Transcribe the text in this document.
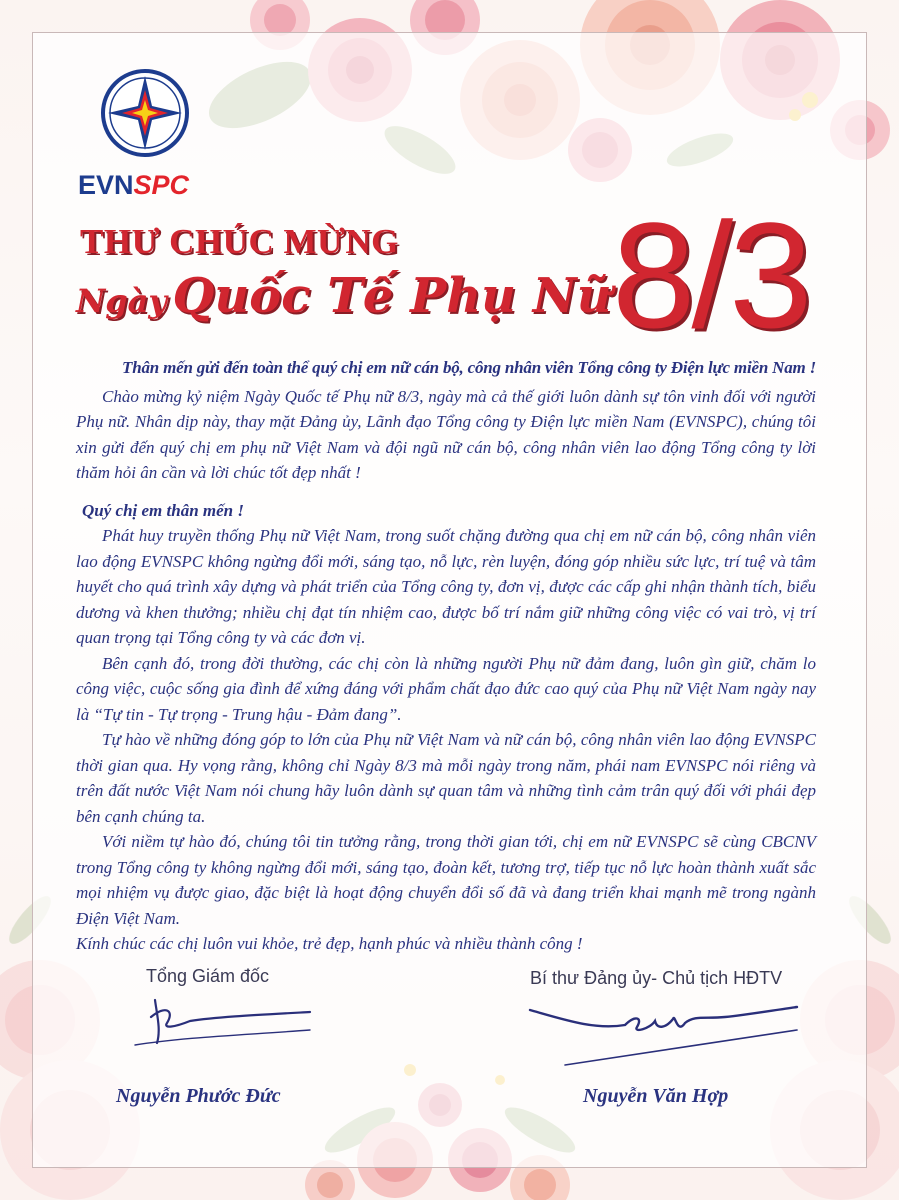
EVNSPC
THƯ CHÚC MỪNG
Ngày Quốc Tế Phụ Nữ 8/3

Thân mến gửi đến toàn thể quý chị em nữ cán bộ, công nhân viên Tổng công ty Điện lực miền Nam !

Chào mừng kỷ niệm Ngày Quốc tế Phụ nữ 8/3, ngày mà cả thế giới luôn dành sự tôn vinh đối với người Phụ nữ. Nhân dịp này, thay mặt Đảng ủy, Lãnh đạo Tổng công ty Điện lực miền Nam (EVNSPC), chúng tôi xin gửi đến quý chị em phụ nữ Việt Nam và đội ngũ nữ cán bộ, công nhân viên lao động Tổng công ty lời thăm hỏi ân cần và lời chúc tốt đẹp nhất !

Quý chị em thân mến !

Phát huy truyền thống Phụ nữ Việt Nam, trong suốt chặng đường qua chị em nữ cán bộ, công nhân viên lao động EVNSPC không ngừng đổi mới, sáng tạo, nỗ lực, rèn luyện, đóng góp nhiều sức lực, trí tuệ và tâm huyết cho quá trình xây dựng và phát triển của Tổng công ty, đơn vị, được các cấp ghi nhận thành tích, biểu dương và khen thưởng; nhiều chị đạt tín nhiệm cao, được bố trí nắm giữ những công việc có vai trò, vị trí quan trọng tại Tổng công ty và các đơn vị.

Bên cạnh đó, trong đời thường, các chị còn là những người Phụ nữ đảm đang, luôn gìn giữ, chăm lo công việc, cuộc sống gia đình để xứng đáng với phẩm chất đạo đức cao quý của Phụ nữ Việt Nam ngày nay là “Tự tin - Tự trọng - Trung hậu - Đảm đang”.

Tự hào về những đóng góp to lớn của Phụ nữ Việt Nam và nữ cán bộ, công nhân viên lao động EVNSPC thời gian qua. Hy vọng rằng, không chỉ Ngày 8/3 mà mỗi ngày trong năm, phái nam EVNSPC nói riêng và trên đất nước Việt Nam nói chung hãy luôn dành sự quan tâm và những tình cảm trân quý đối với phái đẹp bên cạnh chúng ta.

Với niềm tự hào đó, chúng tôi tin tưởng rằng, trong thời gian tới, chị em nữ EVNSPC sẽ cùng CBCNV trong Tổng công ty không ngừng đổi mới, sáng tạo, đoàn kết, tương trợ, tiếp tục nỗ lực hoàn thành xuất sắc mọi nhiệm vụ được giao, đặc biệt là hoạt động chuyển đổi số đã và đang triển khai mạnh mẽ trong ngành Điện Việt Nam.

Kính chúc các chị luôn vui khỏe, trẻ đẹp, hạnh phúc và nhiều thành công !

Tổng Giám đốc
Nguyễn Phước Đức
Bí thư Đảng ủy- Chủ tịch HĐTV
Nguyễn Văn Hợp
